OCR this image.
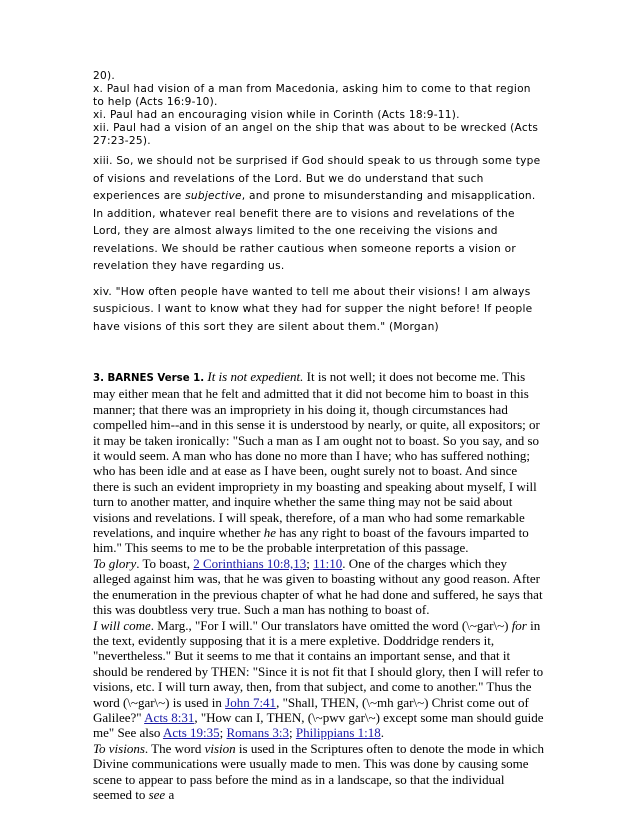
20).

x. Paul had vision of a man from Macedonia, asking him to come to that region to help (Acts 16:9-10).

xi. Paul had an encouraging vision while in Corinth (Acts 18:9-11).

xii. Paul had a vision of an angel on the ship that was about to be wrecked (Acts 27:23-25).

xiii. So, we should not be surprised if God should speak to us through some type of visions and revelations of the Lord. But we do understand that such experiences are subjective, and prone to misunderstanding and misapplication. In addition, whatever real benefit there are to visions and revelations of the Lord, they are almost always limited to the one receiving the visions and revelations. We should be rather cautious when someone reports a vision or revelation they have regarding us.

xiv. "How often people have wanted to tell me about their visions! I am always suspicious. I want to know what they had for supper the night before! If people have visions of this sort they are silent about them." (Morgan)

3. BARNES Verse 1. It is not expedient. It is not well; it does not become me. This may either mean that he felt and admitted that it did not become him to boast in this manner; that there was an impropriety in his doing it, though circumstances had compelled him--and in this sense it is understood by nearly, or quite, all expositors; or it may be taken ironically: "Such a man as I am ought not to boast. So you say, and so it would seem. A man who has done no more than I have; who has suffered nothing; who has been idle and at ease as I have been, ought surely not to boast. And since there is such an evident impropriety in my boasting and speaking about myself, I will turn to another matter, and inquire whether the same thing may not be said about visions and revelations. I will speak, therefore, of a man who had some remarkable revelations, and inquire whether he has any right to boast of the favours imparted to him." This seems to me to be the probable interpretation of this passage.

To glory. To boast, 2 Corinthians 10:8,13; 11:10. One of the charges which they alleged against him was, that he was given to boasting without any good reason. After the enumeration in the previous chapter of what he had done and suffered, he says that this was doubtless very true. Such a man has nothing to boast of.

I will come. Marg., "For I will." Our translators have omitted the word (\~gar\~) for in the text, evidently supposing that it is a mere expletive. Doddridge renders it, "nevertheless." But it seems to me that it contains an important sense, and that it should be rendered by THEN: "Since it is not fit that I should glory, then I will refer to visions, etc. I will turn away, then, from that subject, and come to another." Thus the word (\~gar\~) is used in John 7:41, "Shall, THEN, (\~mh gar\~) Christ come out of Galilee?" Acts 8:31, "How can I, THEN, (\~pwv gar\~) except some man should guide me" See also Acts 19:35; Romans 3:3; Philippians 1:18.

To visions. The word vision is used in the Scriptures often to denote the mode in which Divine communications were usually made to men. This was done by causing some scene to appear to pass before the mind as in a landscape, so that the individual seemed to see a
